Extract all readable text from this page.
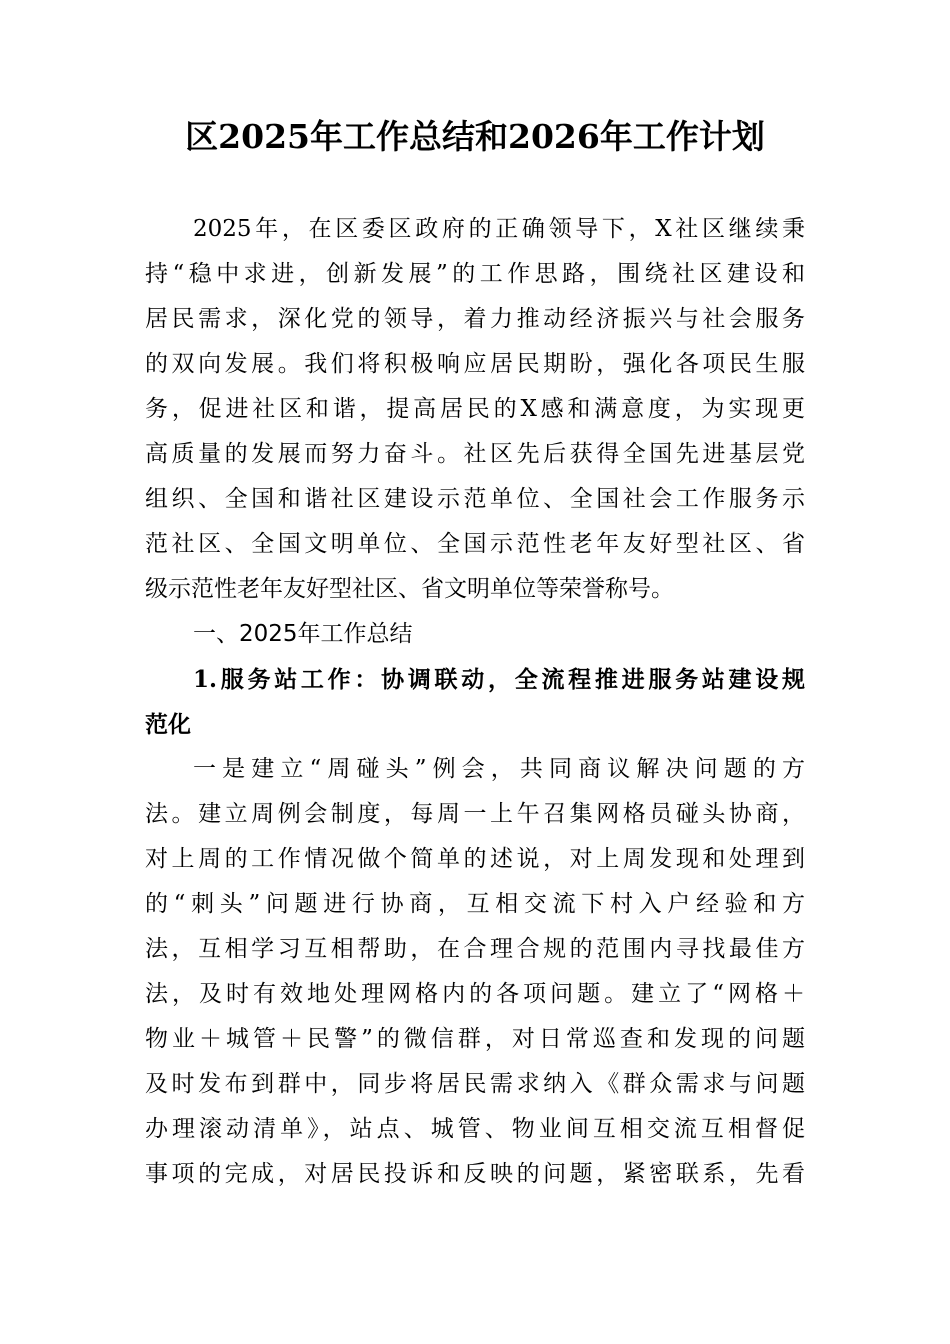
区2025年工作总结和2026年工作计划
2025年，在区委区政府的正确领导下，X社区继续秉
持“稳中求进，创新发展”的工作思路，围绕社区建设和
居民需求，深化党的领导，着力推动经济振兴与社会服务
的双向发展。我们将积极响应居民期盼，强化各项民生服
务，促进社区和谐，提高居民的X感和满意度，为实现更
高质量的发展而努力奋斗。社区先后获得全国先进基层党
组织、全国和谐社区建设示范单位、全国社会工作服务示
范社区、全国文明单位、全国示范性老年友好型社区、省
级示范性老年友好型社区、省文明单位等荣誉称号。
一、2025年工作总结
1.服务站工作：协调联动，全流程推进服务站建设规
范化
一是建立“周碰头”例会，共同商议解决问题的方
法。建立周例会制度，每周一上午召集网格员碰头协商，
对上周的工作情况做个简单的述说，对上周发现和处理到
的“刺头”问题进行协商，互相交流下村入户经验和方
法，互相学习互相帮助，在合理合规的范围内寻找最佳方
法，及时有效地处理网格内的各项问题。建立了“网格＋
物业＋城管＋民警”的微信群，对日常巡查和发现的问题
及时发布到群中，同步将居民需求纳入《群众需求与问题
办理滚动清单》，站点、城管、物业间互相交流互相督促
事项的完成，对居民投诉和反映的问题，紧密联系，先看
